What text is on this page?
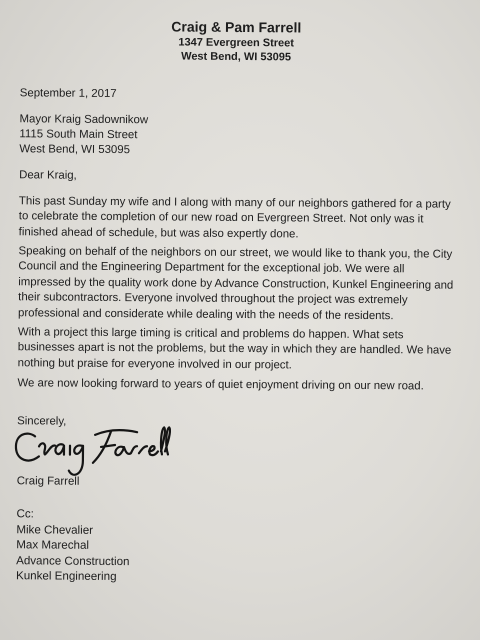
Craig & Pam Farrell
1347 Evergreen Street
West Bend, WI 53095
September 1, 2017
Mayor Kraig Sadownikow
1115 South Main Street
West Bend, WI 53095
Dear Kraig,
This past Sunday my wife and I along with many of our neighbors gathered for a party
to celebrate the completion of our new road on Evergreen Street. Not only was it
finished ahead of schedule, but was also expertly done.
Speaking on behalf of the neighbors on our street, we would like to thank you, the City
Council and the Engineering Department for the exceptional job. We were all
impressed by the quality work done by Advance Construction, Kunkel Engineering and
their subcontractors. Everyone involved throughout the project was extremely
professional and considerate while dealing with the needs of the residents.
With a project this large timing is critical and problems do happen. What sets
businesses apart is not the problems, but the way in which they are handled. We have
nothing but praise for everyone involved in our project.
We are now looking forward to years of quiet enjoyment driving on our new road.
Sincerely,
Craig Farrell
Cc:
Mike Chevalier
Max Marechal
Advance Construction
Kunkel Engineering
